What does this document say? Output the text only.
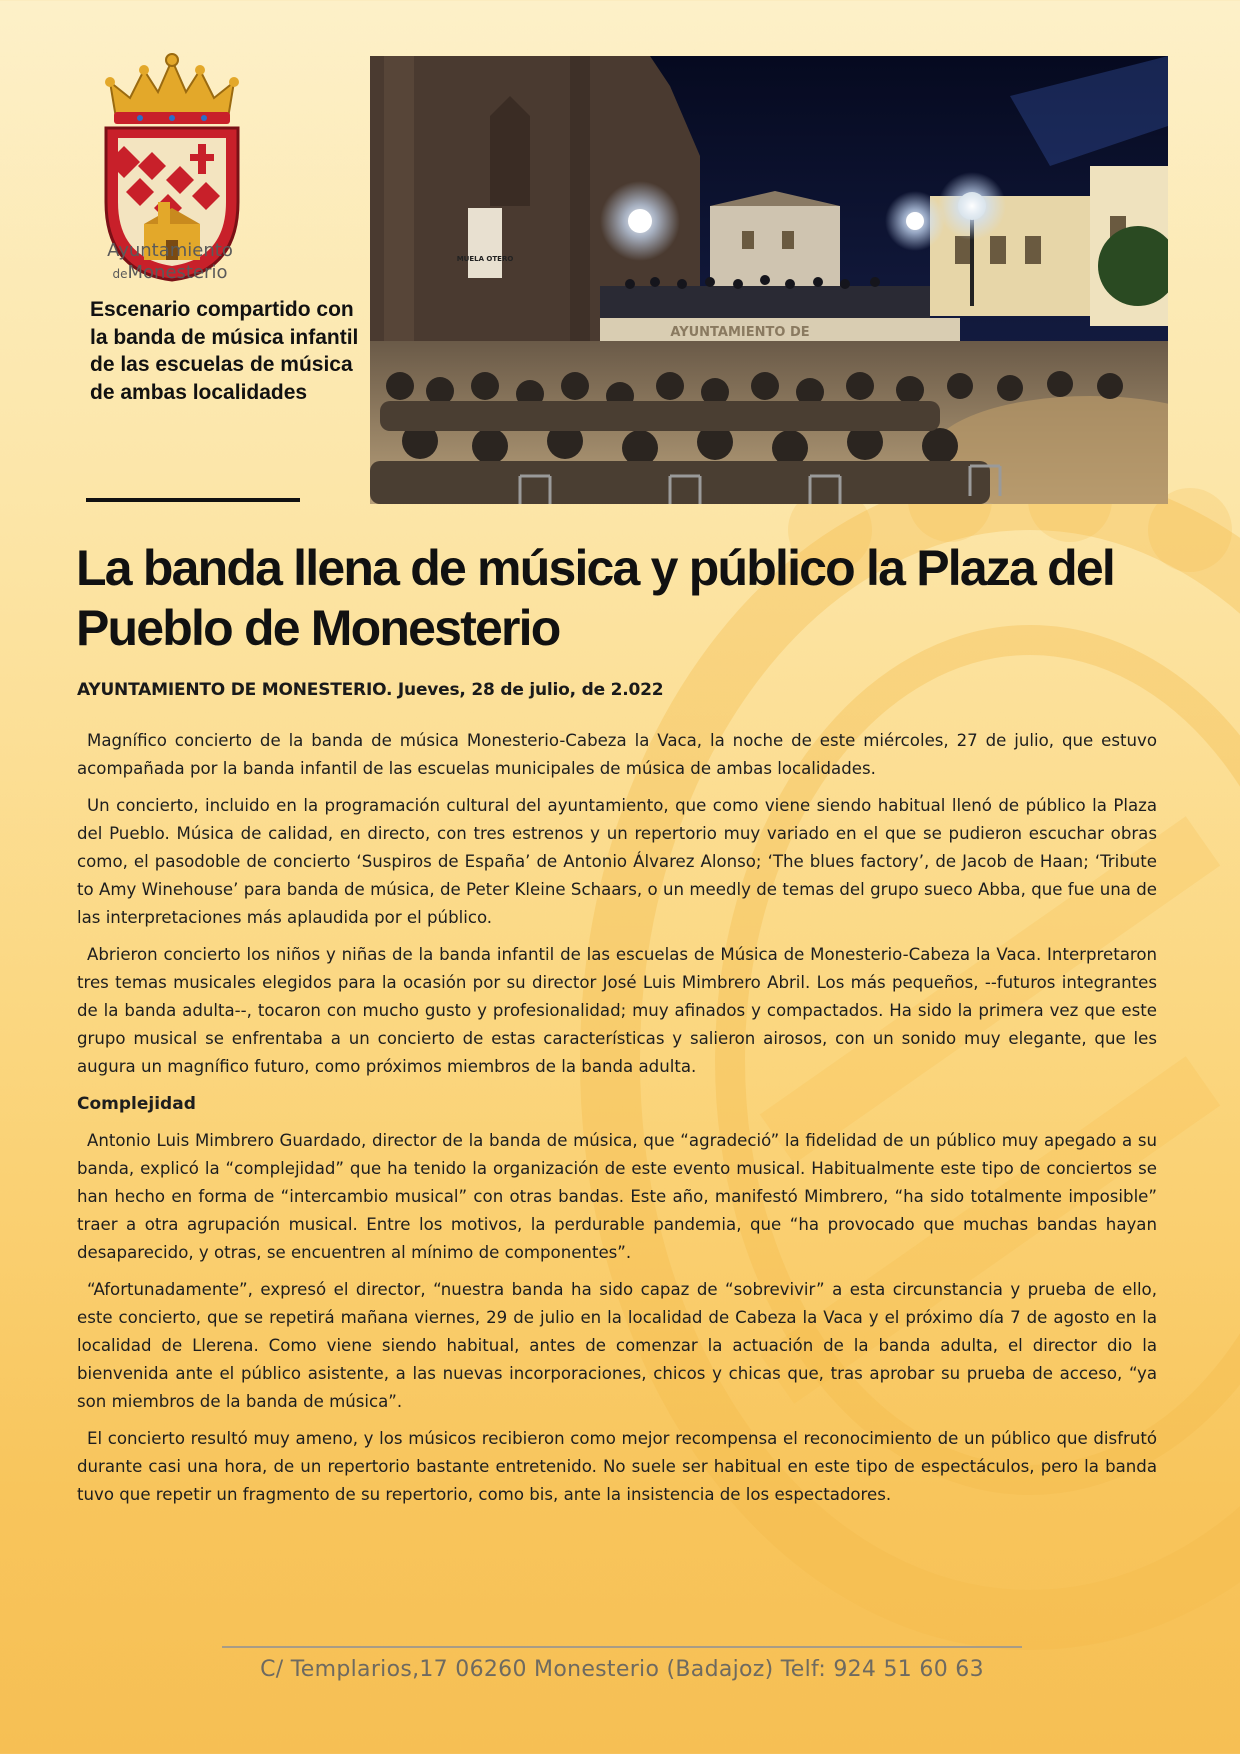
Ayuntamiento
deMonesterio
Escenario compartido con la banda de música infantil de las escuelas de música de ambas localidades
MUELA OTERO
AYUNTAMIENTO DE
La banda llena de música y público la Plaza del Pueblo de Monesterio

AYUNTAMIENTO DE MONESTERIO. Jueves, 28 de julio, de 2.022

Magnífico concierto de la banda de música Monesterio-Cabeza la Vaca, la noche de este miércoles, 27 de julio, que estuvo acompañada por la banda infantil de las escuelas municipales de música de ambas localidades.

Un concierto, incluido en la programación cultural del ayuntamiento, que como viene siendo habitual llenó de público la Plaza del Pueblo. Música de calidad, en directo, con tres estrenos y un repertorio muy variado en el que se pudieron escuchar obras como, el pasodoble de concierto ‘Suspiros de España’ de Antonio Álvarez Alonso; ‘The blues factory’, de Jacob de Haan; ‘Tribute to Amy Winehouse’ para banda de música, de Peter Kleine Schaars, o un meedly de temas del grupo sueco Abba, que fue una de las interpretaciones más aplaudida por el público.

Abrieron concierto los niños y niñas de la banda infantil de las escuelas de Música de Monesterio-Cabeza la Vaca. Interpretaron tres temas musicales elegidos para la ocasión por su director José Luis Mimbrero Abril. Los más pequeños, --futuros integrantes de la banda adulta--, tocaron con mucho gusto y profesionalidad; muy afinados y compactados. Ha sido la primera vez que este grupo musical se enfrentaba a un concierto de estas características y salieron airosos, con un sonido muy elegante, que les augura un magnífico futuro, como próximos miembros de la banda adulta.

Complejidad

Antonio Luis Mimbrero Guardado, director de la banda de música, que “agradeció” la fidelidad de un público muy apegado a su banda, explicó la “complejidad” que ha tenido la organización de este evento musical. Habitualmente este tipo de conciertos se han hecho en forma de “intercambio musical” con otras bandas. Este año, manifestó Mimbrero, “ha sido totalmente imposible” traer a otra agrupación musical. Entre los motivos, la perdurable pandemia, que “ha provocado que muchas bandas hayan desaparecido, y otras, se encuentren al mínimo de componentes”.

“Afortunadamente”, expresó el director, “nuestra banda ha sido capaz de “sobrevivir” a esta circunstancia y prueba de ello, este concierto, que se repetirá mañana viernes, 29 de julio en la localidad de Cabeza la Vaca y el próximo día 7 de agosto en la localidad de Llerena. Como viene siendo habitual, antes de comenzar la actuación de la banda adulta, el director dio la bienvenida ante el público asistente, a las nuevas incorporaciones, chicos y chicas que, tras aprobar su prueba de acceso, “ya son miembros de la banda de música”.

El concierto resultó muy ameno, y los músicos recibieron como mejor recompensa el reconocimiento de un público que disfrutó durante casi una hora, de un repertorio bastante entretenido. No suele ser habitual en este tipo de espectáculos, pero la banda tuvo que repetir un fragmento de su repertorio, como bis, ante la insistencia de los espectadores.

C/ Templarios,17 06260 Monesterio (Badajoz) Telf: 924 51 60 63
